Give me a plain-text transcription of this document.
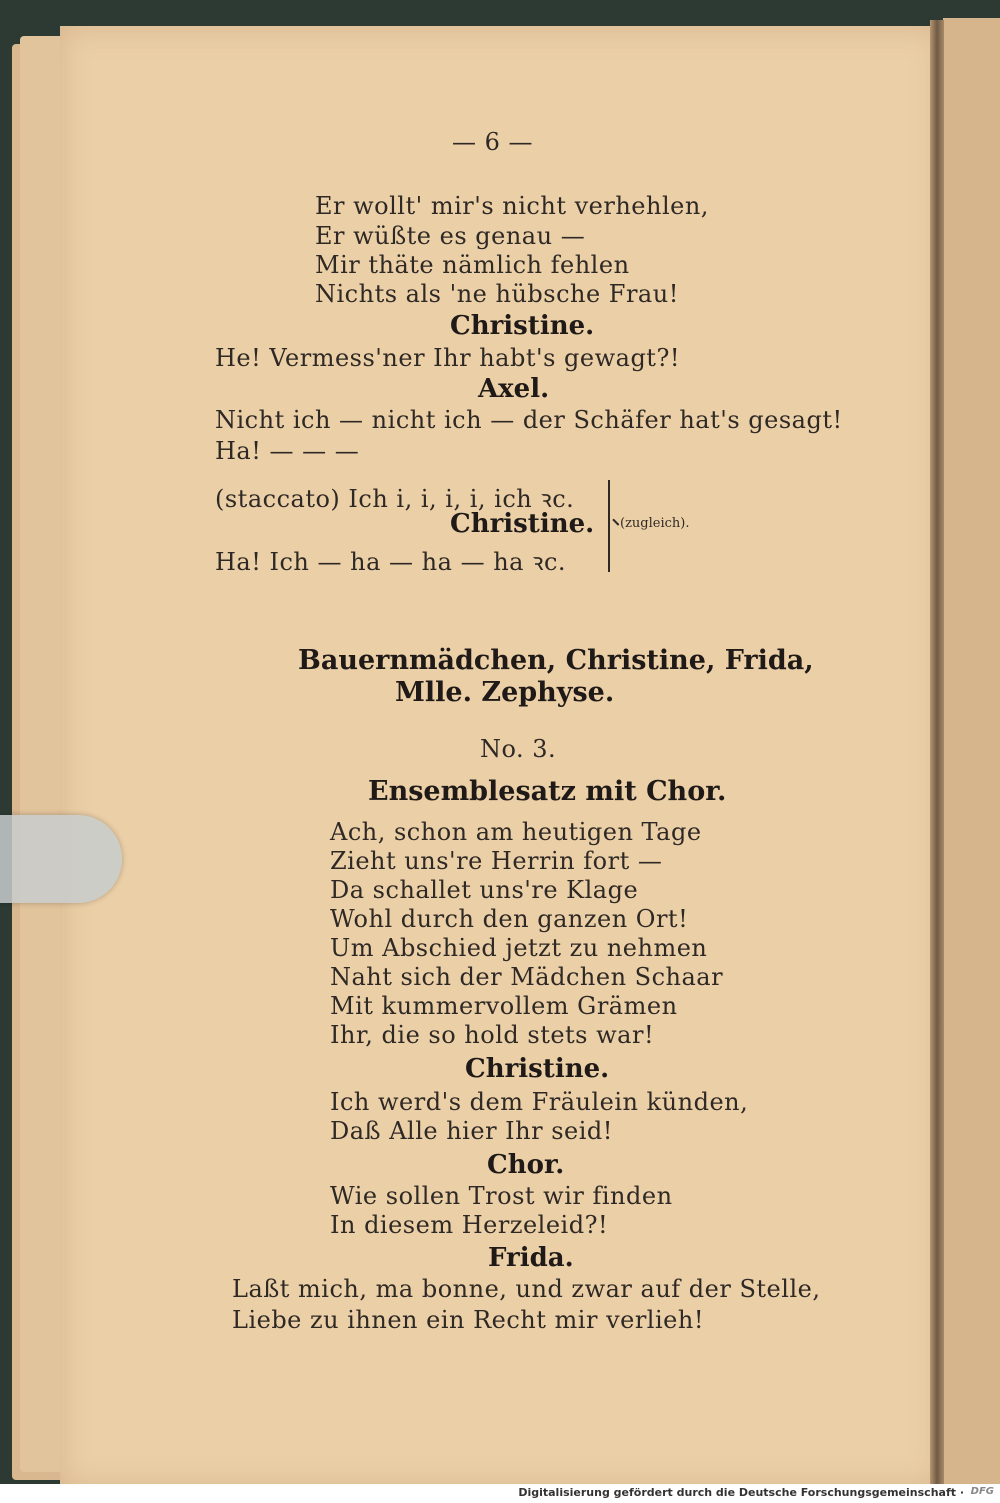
— 6 —
Er wollt' mir's nicht verhehlen,
Er wüßte es genau —
Mir thäte nämlich fehlen
Nichts als 'ne hübsche Frau!
Christine.
He! Vermess'ner Ihr habt's gewagt?!
Axel.
Nicht ich — nicht ich — der Schäfer hat's gesagt!
Ha! — — —
(staccato) Ich i, i, i, i, ich ꝛc.
Christine.
Ha! Ich — ha — ha — ha ꝛc.
(zugleich).
Bauernmädchen, Christine, Frida,
Mlle. Zephyse.
No. 3.
Ensemblesatz mit Chor.
Ach, schon am heutigen Tage
Zieht uns're Herrin fort —
Da schallet uns're Klage
Wohl durch den ganzen Ort!
Um Abschied jetzt zu nehmen
Naht sich der Mädchen Schaar
Mit kummervollem Grämen
Ihr, die so hold stets war!
Christine.
Ich werd's dem Fräulein künden,
Daß Alle hier Ihr seid!
Chor.
Wie sollen Trost wir finden
In diesem Herzeleid?!
Frida.
Laßt mich, ma bonne, und zwar auf der Stelle,
Liebe zu ihnen ein Recht mir verlieh!
Digitalisierung gefördert durch die Deutsche Forschungsgemeinschaft · DFG
